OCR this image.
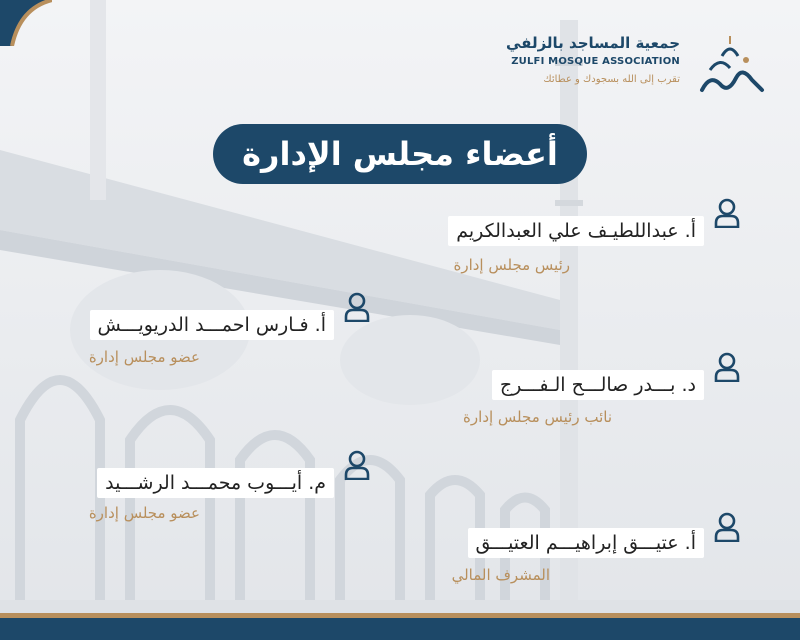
جمعية المساجد بالزلفي
ZULFI MOSQUE ASSOCIATION
تقرب إلى الله بسجودك و عطائك
أعضاء مجلس الإدارة
أ. عبداللطيـف علي العبدالكريم
رئيس مجلس إدارة
أ. فـارس احمـــد الدريويـــش
عضو مجلس إدارة
د. بـــدر صالـــح الـفـــرج
نائب رئيس مجلس إدارة
م. أيـــوب محمـــد الرشـــيد
عضو مجلس إدارة
أ. عتيـــق إبراهيـــم العتيـــق
المشرف المالي
